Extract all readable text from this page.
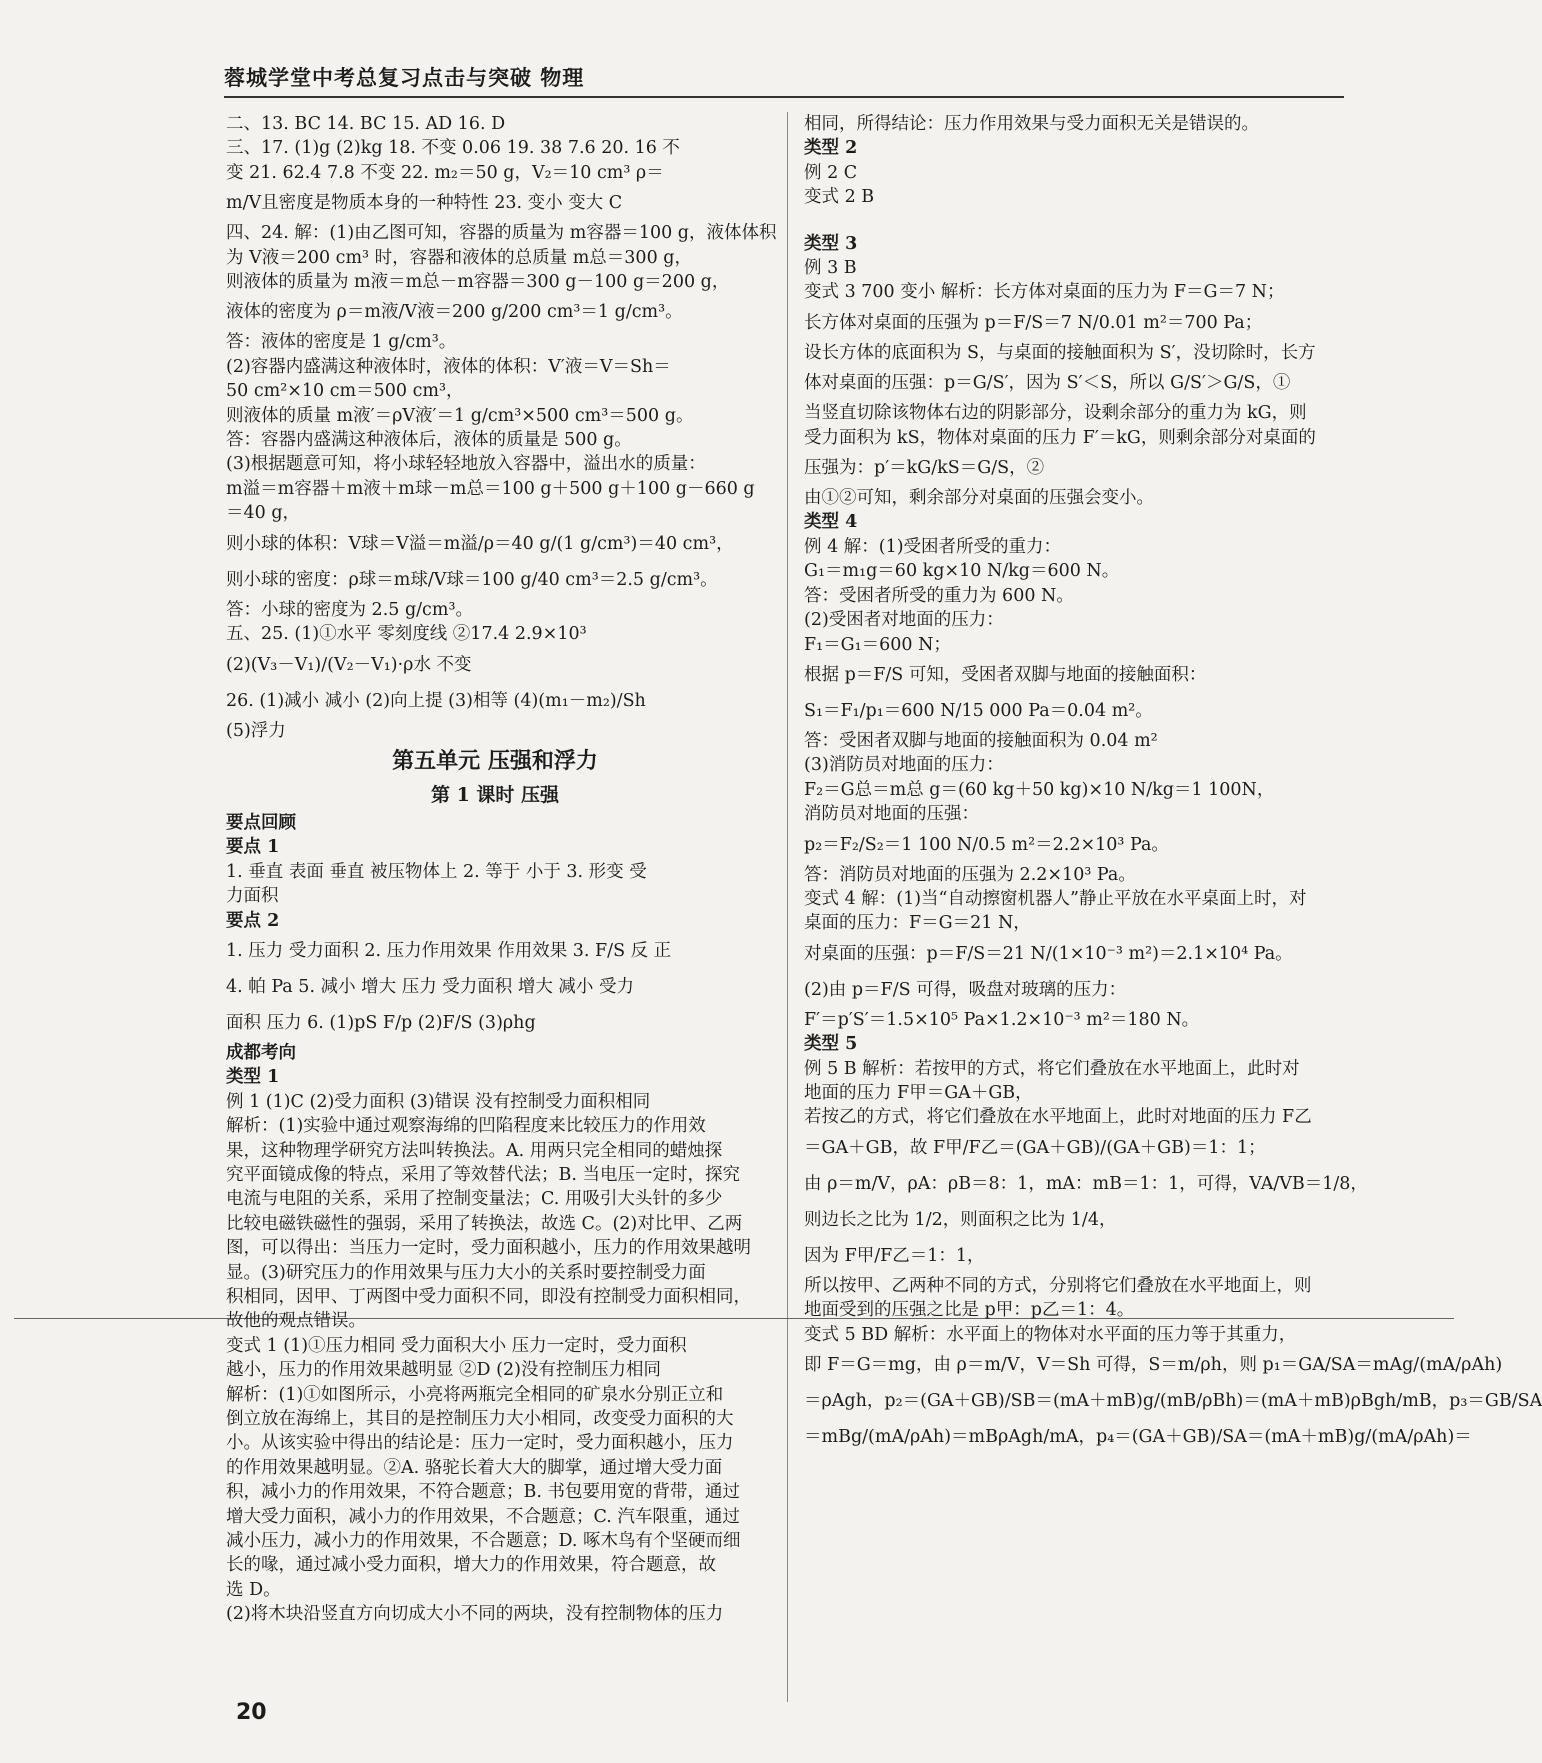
蓉城学堂中考总复习点击与突破 物理
二、13. BC 14. BC 15. AD 16. D
三、17. (1)g (2)kg 18. 不变 0.06 19. 38 7.6 20. 16 不
变 21. 62.4 7.8 不变 22. m₂＝50 g，V₂＝10 cm³ ρ＝
m/V且密度是物质本身的一种特性 23. 变小 变大 C
四、24. 解：(1)由乙图可知，容器的质量为 m容器＝100 g，液体体积
为 V液＝200 cm³ 时，容器和液体的总质量 m总＝300 g，
则液体的质量为 m液＝m总－m容器＝300 g－100 g＝200 g，
液体的密度为 ρ＝m液/V液＝200 g/200 cm³＝1 g/cm³。
答：液体的密度是 1 g/cm³。
(2)容器内盛满这种液体时，液体的体积：V′液＝V＝Sh＝
50 cm²×10 cm＝500 cm³，
则液体的质量 m液′＝ρV液′＝1 g/cm³×500 cm³＝500 g。
答：容器内盛满这种液体后，液体的质量是 500 g。
(3)根据题意可知，将小球轻轻地放入容器中，溢出水的质量：
m溢＝m容器＋m液＋m球－m总＝100 g＋500 g＋100 g－660 g
＝40 g，
则小球的体积：V球＝V溢＝m溢/ρ＝40 g/(1 g/cm³)＝40 cm³，
则小球的密度：ρ球＝m球/V球＝100 g/40 cm³＝2.5 g/cm³。
答：小球的密度为 2.5 g/cm³。
五、25. (1)①水平 零刻度线 ②17.4 2.9×10³
(2)(V₃－V₁)/(V₂－V₁)·ρ水 不变
26. (1)减小 减小 (2)向上提 (3)相等 (4)(m₁－m₂)/Sh
(5)浮力
第五单元 压强和浮力
第 1 课时 压强
要点回顾
要点 1
1. 垂直 表面 垂直 被压物体上 2. 等于 小于 3. 形变 受
力面积
要点 2
1. 压力 受力面积 2. 压力作用效果 作用效果 3. F/S 反 正
4. 帕 Pa 5. 减小 增大 压力 受力面积 增大 减小 受力
面积 压力 6. (1)pS F/p (2)F/S (3)ρhg
成都考向
类型 1
例 1 (1)C (2)受力面积 (3)错误 没有控制受力面积相同
解析：(1)实验中通过观察海绵的凹陷程度来比较压力的作用效
果，这种物理学研究方法叫转换法。A. 用两只完全相同的蜡烛探
究平面镜成像的特点，采用了等效替代法；B. 当电压一定时，探究
电流与电阻的关系，采用了控制变量法；C. 用吸引大头针的多少
比较电磁铁磁性的强弱，采用了转换法，故选 C。(2)对比甲、乙两
图，可以得出：当压力一定时，受力面积越小，压力的作用效果越明
显。(3)研究压力的作用效果与压力大小的关系时要控制受力面
积相同，因甲、丁两图中受力面积不同，即没有控制受力面积相同，
故他的观点错误。
变式 1 (1)①压力相同 受力面积大小 压力一定时，受力面积
越小，压力的作用效果越明显 ②D (2)没有控制压力相同
解析：(1)①如图所示，小亮将两瓶完全相同的矿泉水分别正立和
倒立放在海绵上，其目的是控制压力大小相同，改变受力面积的大
小。从该实验中得出的结论是：压力一定时，受力面积越小，压力
的作用效果越明显。②A. 骆驼长着大大的脚掌，通过增大受力面
积，减小力的作用效果，不符合题意；B. 书包要用宽的背带，通过
增大受力面积，减小力的作用效果，不合题意；C. 汽车限重，通过
减小压力，减小力的作用效果，不合题意；D. 啄木鸟有个坚硬而细
长的喙，通过减小受力面积，增大力的作用效果，符合题意，故
选 D。
(2)将木块沿竖直方向切成大小不同的两块，没有控制物体的压力
相同，所得结论：压力作用效果与受力面积无关是错误的。
类型 2
例 2 C
变式 2 B
类型 3
例 3 B
变式 3 700 变小 解析：长方体对桌面的压力为 F＝G＝7 N；
长方体对桌面的压强为 p＝F/S＝7 N/0.01 m²＝700 Pa；
设长方体的底面积为 S，与桌面的接触面积为 S′，没切除时，长方
体对桌面的压强：p＝G/S′，因为 S′＜S，所以 G/S′＞G/S，①
当竖直切除该物体右边的阴影部分，设剩余部分的重力为 kG，则
受力面积为 kS，物体对桌面的压力 F′＝kG，则剩余部分对桌面的
压强为：p′＝kG/kS＝G/S，②
由①②可知，剩余部分对桌面的压强会变小。
类型 4
例 4 解：(1)受困者所受的重力：
G₁＝m₁g＝60 kg×10 N/kg＝600 N。
答：受困者所受的重力为 600 N。
(2)受困者对地面的压力：
F₁＝G₁＝600 N；
根据 p＝F/S 可知，受困者双脚与地面的接触面积：
S₁＝F₁/p₁＝600 N/15 000 Pa＝0.04 m²。
答：受困者双脚与地面的接触面积为 0.04 m²
(3)消防员对地面的压力：
F₂＝G总＝m总 g＝(60 kg＋50 kg)×10 N/kg＝1 100N，
消防员对地面的压强：
p₂＝F₂/S₂＝1 100 N/0.5 m²＝2.2×10³ Pa。
答：消防员对地面的压强为 2.2×10³ Pa。
变式 4 解：(1)当“自动擦窗机器人”静止平放在水平桌面上时，对
桌面的压力：F＝G＝21 N，
对桌面的压强：p＝F/S＝21 N/(1×10⁻³ m²)＝2.1×10⁴ Pa。
(2)由 p＝F/S 可得，吸盘对玻璃的压力：
F′＝p′S′＝1.5×10⁵ Pa×1.2×10⁻³ m²＝180 N。
类型 5
例 5 B 解析：若按甲的方式，将它们叠放在水平地面上，此时对
地面的压力 F甲＝GA＋GB，
若按乙的方式，将它们叠放在水平地面上，此时对地面的压力 F乙
＝GA＋GB，故 F甲/F乙＝(GA＋GB)/(GA＋GB)＝1：1；
由 ρ＝m/V，ρA：ρB＝8：1，mA：mB＝1：1，可得，VA/VB＝1/8，
则边长之比为 1/2，则面积之比为 1/4，
因为 F甲/F乙＝1：1，
所以按甲、乙两种不同的方式，分别将它们叠放在水平地面上，则
地面受到的压强之比是 p甲：p乙＝1：4。
变式 5 BD 解析：水平面上的物体对水平面的压力等于其重力，
即 F＝G＝mg，由 ρ＝m/V，V＝Sh 可得，S＝m/ρh，则 p₁＝GA/SA＝mAg/(mA/ρAh)
＝ρAgh，p₂＝(GA＋GB)/SB＝(mA＋mB)g/(mB/ρBh)＝(mA＋mB)ρBgh/mB，p₃＝GB/SA
＝mBg/(mA/ρAh)＝mBρAgh/mA，p₄＝(GA＋GB)/SA＝(mA＋mB)g/(mA/ρAh)＝
20
